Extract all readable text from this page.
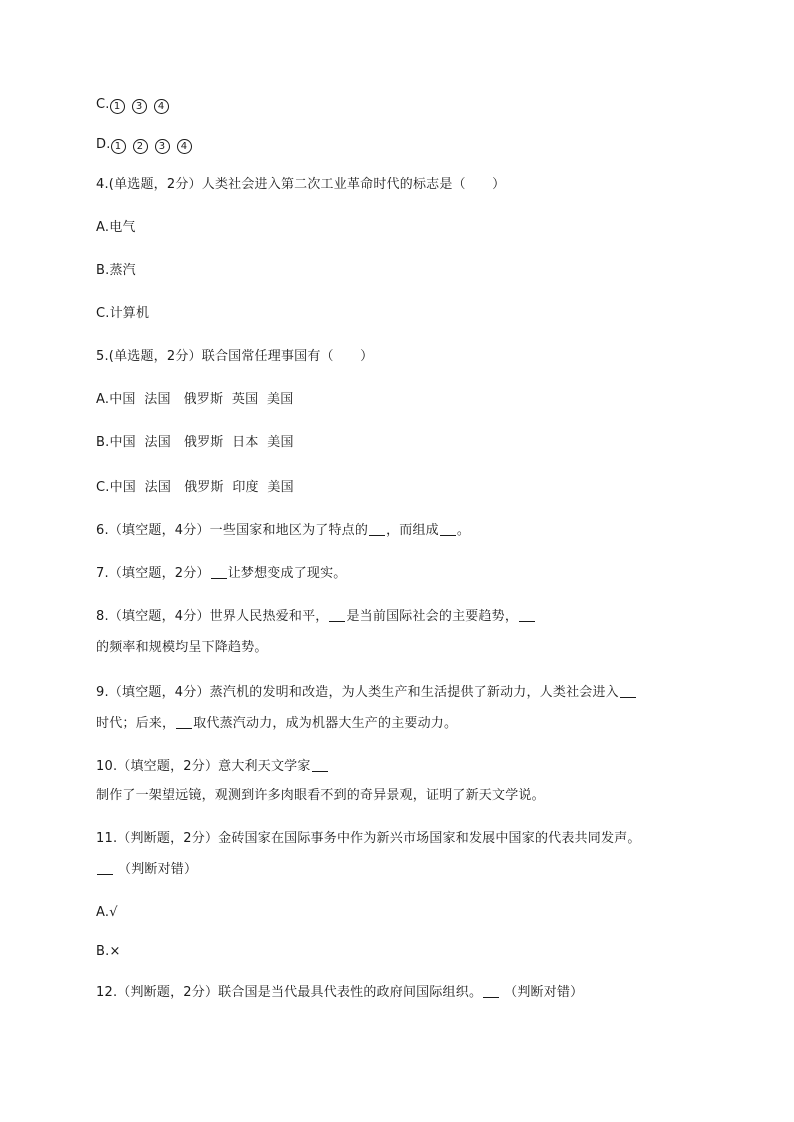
C. 1 3 4
D. 1 2 3 4
4.(单选题，2分）人类社会进入第二次工业革命时代的标志是（　　）
A.电气
B.蒸汽
C.计算机
5.(单选题，2分）联合国常任理事国有（　　）
A.中国  法国   俄罗斯  英国  美国
B.中国  法国   俄罗斯  日本  美国
C.中国  法国   俄罗斯  印度  美国
6.（填空题，4分）一些国家和地区为了特点的 ，而组成 。
7.（填空题，2分） 让梦想变成了现实。
8.（填空题，4分）世界人民热爱和平， 是当前国际社会的主要趋势，
的频率和规模均呈下降趋势。
9.（填空题，4分）蒸汽机的发明和改造，为人类生产和生活提供了新动力，人类社会进入
时代；后来， 取代蒸汽动力，成为机器大生产的主要动力。
10.（填空题，2分）意大利天文学家
制作了一架望远镜，观测到许多肉眼看不到的奇异景观，证明了新天文学说。
11.（判断题，2分）金砖国家在国际事务中作为新兴市场国家和发展中国家的代表共同发声。
（判断对错）
A.√
B.×
12.（判断题，2分）联合国是当代最具代表性的政府间国际组织。 （判断对错）
